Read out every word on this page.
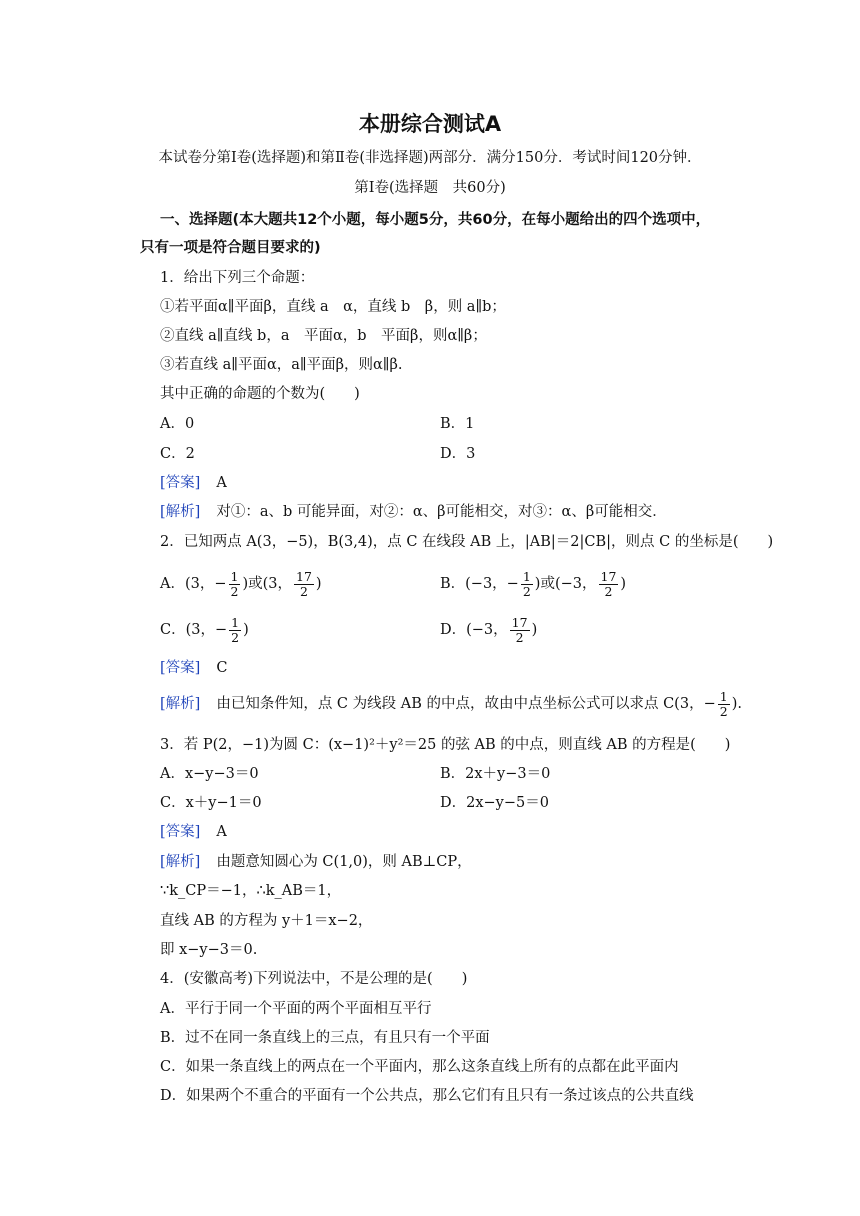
本册综合测试A
本试卷分第Ⅰ卷(选择题)和第Ⅱ卷(非选择题)两部分．满分150分．考试时间120分钟．
第Ⅰ卷(选择题　共60分)
一、选择题(本大题共12个小题，每小题5分，共60分，在每小题给出的四个选项中，
只有一项是符合题目要求的)
1．给出下列三个命题：
①若平面α∥平面β，直线 a　α，直线 b　β，则 a∥b；
②直线 a∥直线 b，a　平面α，b　平面β，则α∥β；
③若直线 a∥平面α，a∥平面β，则α∥β.
其中正确的命题的个数为(　　)
A．0	B．1
C．2	D．3
[答案] A
[解析] 对①：a、b 可能异面，对②：α、β可能相交，对③：α、β可能相交．
2．已知两点 A(3，−5)，B(3,4)，点 C 在线段 AB 上，|AB|＝2|CB|，则点 C 的坐标是(　　)
A．(3，− $\frac{1}{2}$ )或(3， $\frac{17}{2}$ )	B．(−3，− $\frac{1}{2}$ )或(−3， $\frac{17}{2}$ )
C．(3，− $\frac{1}{2}$ )	D．(−3， $\frac{17}{2}$ )
[答案] C
[解析] 由已知条件知，点 C 为线段 AB 的中点，故由中点坐标公式可以求点 C(3，− $\frac{1}{2}$ ).
3．若 P(2，−1)为圆 C：(x−1)²＋y²＝25 的弦 AB 的中点，则直线 AB 的方程是(　　)
A．x−y−3＝0	B．2x＋y−3＝0
C．x＋y−1＝0	D．2x−y−5＝0
[答案] A
[解析] 由题意知圆心为 C(1,0)，则 AB⊥CP，
∵k_CP＝−1，∴k_AB＝1，
直线 AB 的方程为 y＋1＝x−2，
即 x−y−3＝0.
4．(安徽高考)下列说法中，不是公理的是(　　)
A．平行于同一个平面的两个平面相互平行
B．过不在同一条直线上的三点，有且只有一个平面
C．如果一条直线上的两点在一个平面内，那么这条直线上所有的点都在此平面内
D．如果两个不重合的平面有一个公共点，那么它们有且只有一条过该点的公共直线
